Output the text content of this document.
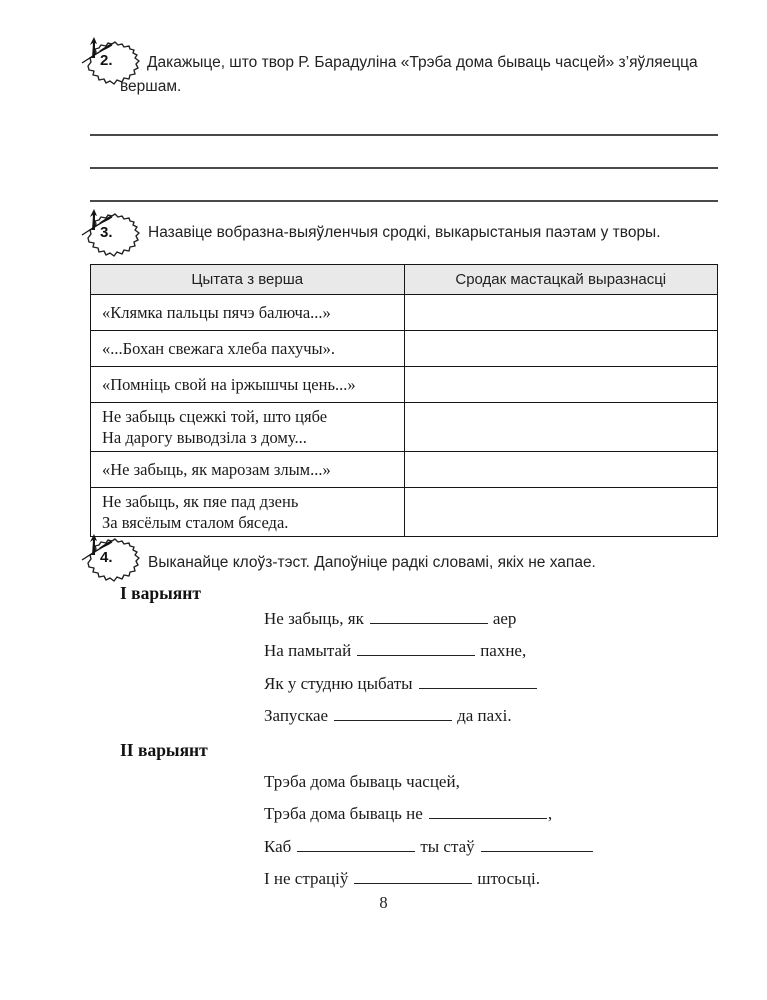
2.	Дакажыце, што твор Р. Барадуліна «Трэба дома бываць часцей» з’яўляецца вершам.
3.	Назавіце вобразна-выяўленчыя сродкі, выкарыстаныя паэтам у творы.
Цытата з верша	Сродак мастацкай выразнасці

«Клямка пальцы пячэ балюча...»	

«...Бохан свежага хлеба пахучы».	

«Помніць свой на іржышчы цень...»	

Не забыць сцежкі той, што цябе
На дарогу выводзіла з дому...	

«Не забыць, як марозам злым...»	

Не забыць, як пяе пад дзень
За вясёлым сталом бяседа.	

4.	Выканайце клоўз-тэст. Дапоўніце радкі словамі, якіх не хапае.
І варыянт
Не забыць, як	аер
На памытай	пахне,
Як у студню цыбаты
Запускае	да пахі.
ІІ варыянт
Трэба дома бываць часцей,
Трэба дома бываць не	,
Каб	ты стаў
І не страціў	штосьці.
8
